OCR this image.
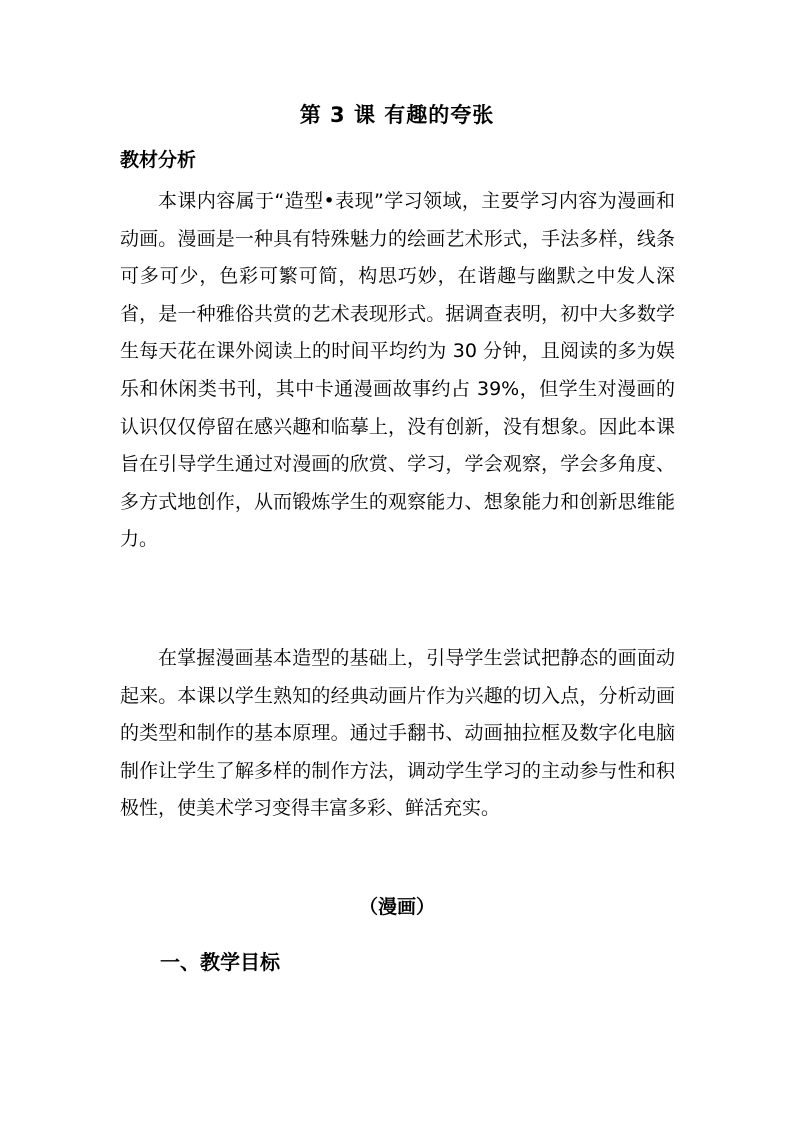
第 3 课 有趣的夸张
教材分析

本课内容属于“造型•表现”学习领域，主要学习内容为漫画和动画。漫画是一种具有特殊魅力的绘画艺术形式，手法多样，线条可多可少，色彩可繁可简，构思巧妙，在谐趣与幽默之中发人深省，是一种雅俗共赏的艺术表现形式。据调查表明，初中大多数学生每天花在课外阅读上的时间平均约为 30 分钟，且阅读的多为娱乐和休闲类书刊，其中卡通漫画故事约占 39%，但学生对漫画的认识仅仅停留在感兴趣和临摹上，没有创新，没有想象。因此本课旨在引导学生通过对漫画的欣赏、学习，学会观察，学会多角度、多方式地创作，从而锻炼学生的观察能力、想象能力和创新思维能力。

在掌握漫画基本造型的基础上，引导学生尝试把静态的画面动起来。本课以学生熟知的经典动画片作为兴趣的切入点，分析动画的类型和制作的基本原理。通过手翻书、动画抽拉框及数字化电脑制作让学生了解多样的制作方法，调动学生学习的主动参与性和积极性，使美术学习变得丰富多彩、鲜活充实。

（漫画）
一、教学目标
